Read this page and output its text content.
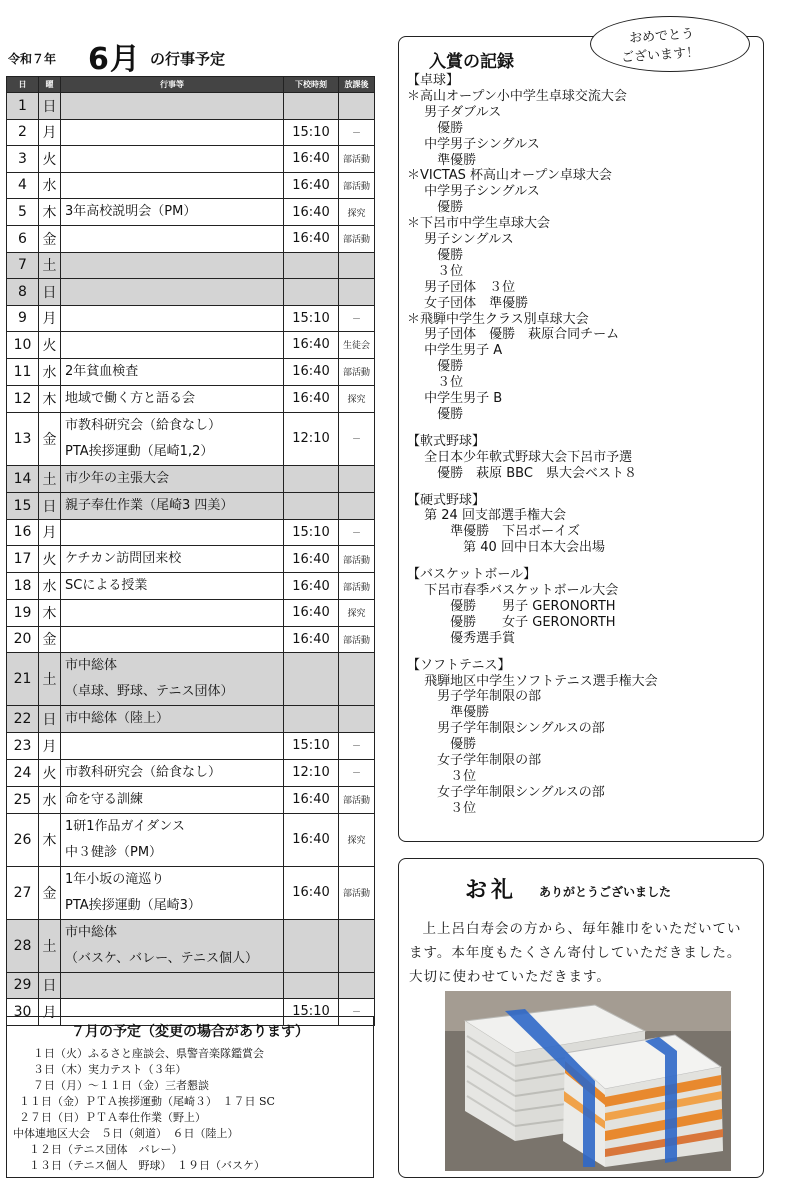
令和７年 6月 の行事予定
日	曜	行事等	下校時刻	放課後
1	日	

2	月		15:10	－
3	火		16:40	部活動
4	水		16:40	部活動
5	木	3年高校説明会（PM）	16:40	探究
6	金		16:40	部活動
7	土	

8	日	

9	月		15:10	－
10	火		16:40	生徒会
11	水	2年貧血検査	16:40	部活動
12	木	地域で働く方と語る会	16:40	探究
13	金	市教科研究会（給食なし）
PTA挨拶運動（尾崎1,2）	12:10	－
14	土	市少年の主張大会		

15	日	親子奉仕作業（尾崎3 四美）		

16	月		15:10	－
17	火	ケチカン訪問団来校	16:40	部活動
18	水	SCによる授業	16:40	部活動
19	木		16:40	探究
20	金		16:40	部活動
21	土	市中総体
（卓球、野球、テニス団体）		

22	日	市中総体（陸上）		

23	月		15:10	－
24	火	市教科研究会（給食なし）	12:10	－
25	水	命を守る訓練	16:40	部活動
26	木	1研1作品ガイダンス
中３健診（PM）	16:40	探究
27	金	1年小坂の滝巡り
PTA挨拶運動（尾崎3）	16:40	部活動
28	土	市中総体
（バスケ、バレー、テニス個人）		

29	日	

30	月		15:10	－
７月の予定（変更の場合があります）
１日（火）ふるさと座談会、県警音楽隊鑑賞会
３日（木）実力テスト（３年）
７日（月）～１１日（金）三者懇談
１１日（金）ＰＴＡ挨拶運動（尾崎３）　１７日 SC
２７日（日）ＰＴＡ奉仕作業（野上）
中体連地区大会　５日（剣道）　６日（陸上）
１２日（テニス団体　バレー）
１３日（テニス個人　野球）　１９日（バスケ）
入賞の記録
【卓球】
＊高山オープン小中学生卓球交流大会
　 男子ダブルス
　　 優勝
　 中学男子シングルス
　　 準優勝
＊VICTAS 杯高山オープン卓球大会
　 中学男子シングルス
　　 優勝
＊下呂市中学生卓球大会
　 男子シングルス
　　 優勝
　　 ３位
　 男子団体　３位
　 女子団体　準優勝
＊飛騨中学生クラス別卓球大会
　 男子団体　優勝　萩原合同チーム
　 中学生男子 A
　　 優勝
　　 ３位
　 中学生男子 B
　　 優勝
【軟式野球】
　 全日本少年軟式野球大会下呂市予選
　　 優勝　萩原 BBC　県大会ベスト８
【硬式野球】
　 第 24 回支部選手権大会
　　　 準優勝　下呂ボーイズ
　　　　 第 40 回中日本大会出場
【バスケットボール】
　 下呂市春季バスケットボール大会
　　　 優勝　　男子 GERONORTH
　　　 優勝　　女子 GERONORTH
　　　 優秀選手賞
【ソフトテニス】
　 飛騨地区中学生ソフトテニス選手権大会
　　 男子学年制限の部
　　　 準優勝
　　 男子学年制限シングルスの部
　　　 優勝
　　 女子学年制限の部
　　　 ３位
　　 女子学年制限シングルスの部
　　　 ３位
おめでとう
ございます！
お礼 ありがとうございました
上上呂白寿会の方から、毎年雑巾をいただいています。本年度もたくさん寄付していただきました。大切に使わせていただきます。
